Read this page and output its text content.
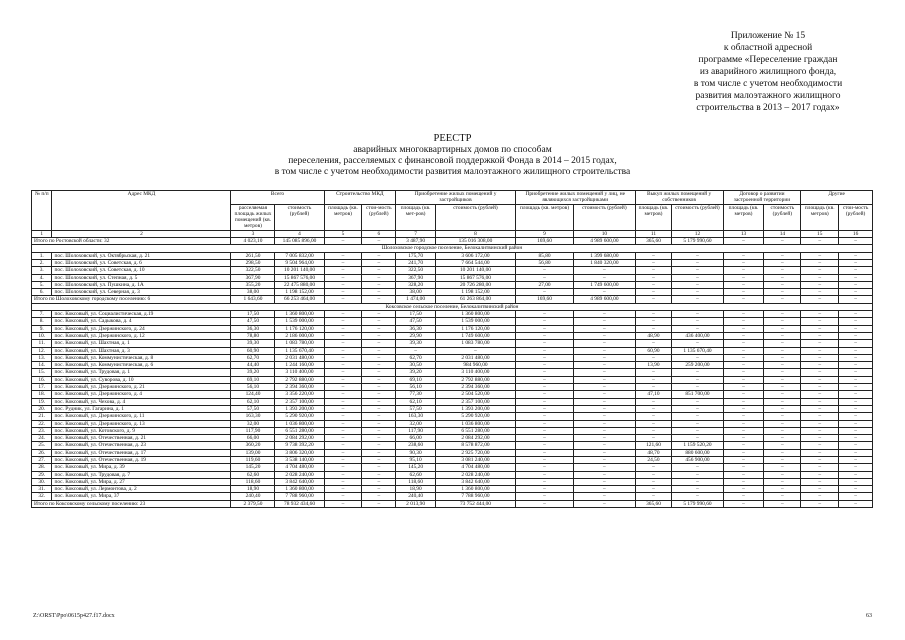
Приложение № 15
к областной адресной
программе «Переселение граждан
из аварийного жилищного фонда,
в том числе с учетом необходимости
развития малоэтажного жилищного
строительства в 2013 – 2017 годах»
РЕЕСТР
аварийных многоквартирных домов по способам
переселения, расселяемых с финансовой поддержкой Фонда в 2014 – 2015 годах,
в том числе с учетом необходимости развития малоэтажного жилищного строительства
№ п/п	Адрес МКД	Всего		Строительство МКД		Приобретение жилых помещений у застройщиков		Приобретение жилых помещений у лиц, не являющихся застройщиками		Выкуп жилых помещений у собственников		Договор о развитии застроенной территории		Другие	
		расселяемая площадь жилых помещений (кв. метров)	стоимость (рублей)	площадь (кв. метров)	стои-мость (рублей)	площадь (кв. мет-ров)	стоимость (рублей)	площадь (кв. метров)	стоимость (рублей)	площадь (кв. метров)	стоимость (рублей)	площадь (кв. метров)	стоимость (рублей)	площадь (кв. метров)	стои-мость (рублей)
1	2	3	4	5	6	7	8	9	10	11	12	13	14	15	16
Итого по Ростовской области: 32		4 023,10	145 085 896,00	–	–	3 487,90	135 016 308,00	169,60	4 989 600,00	365,60	5 179 990,60	–	–	–	–
Шолоховское городское поселение, Белокалитвинский район															
1.	пос. Шолоховский, ул. Октябрьская, д. 21	261,50	7 005 832,00	–	–	175,70	3 606 172,00	85,80	1 399 680,00	–	–	–	–	–	–
2.	пос. Шолоховский, ул. Советская, д. 6	298,50	9 504 964,00	–	–	241,70	7 664 544,00	56,80	1 840 320,00	–	–	–	–	–	–
3.	пос. Шолоховский, ул. Советская, д. 10	322,50	10 201 140,00	–	–	322,50	10 201 140,00	–	–	–	–	–	–	–	–
4.	пос. Шолоховский, ул. Степная, д. 5	367,90	15 867 576,00	–	–	367,90	15 867 576,00	–	–	–	–	–	–	–	–
5.	пос. Шолоховский, ул. Пушкина, д. 1А	355,20	22 475 880,00	–	–	328,20	20 726 280,00	27,00	1 749 600,00	–	–	–	–	–	–
6.	пос. Шолоховский, ул. Северная, д. 3	38,00	1 198 152,00	–	–	38,00	1 198 152,00	–	–	–	–	–	–	–	–
Итого по Шолоховскому городскому поселению: 6		1 643,60	66 253 464,00	–	–	1 474,00	61 263 864,00	169,60	4 989 600,00	–	–	–	–	–	–
Коксовское сельское поселение, Белокалитвинский район															
7.	пос. Коксовый, ул. Социалистическая, д.19	17,50	1 360 800,00	–	–	17,50	1 360 800,00	–	–	–	–	–	–	–	–
8.	пос. Коксовый, ул. Садыкова, д. 4	47,50	1 539 000,00	–	–	47,50	1 539 000,00	–	–	–	–	–	–	–	–
9.	пос. Коксовый, ул. Дзержинского, д. 24	36,30	1 176 120,00	–	–	36,30	1 176 120,00	–	–	–	–	–	–	–	–
10.	пос. Коксовый, ул. Дзержинского, д. 12	78,80	2 186 000,00	–	–	29,90	1 749 600,00	–	–	48,90	436 400,00	–	–	–	–
11.	пос. Коксовый, ул. Шахтная, д. 1	39,30	1 083 780,00	–	–	39,30	1 083 780,00	–	–	–	–	–	–	–	–
12.	пос. Коксовый, ул. Шахтная, д. 3	60,90	1 135 670,40	–	–	–	–	–	–	60,90	1 135 670,40	–	–	–	–
13.	пос. Коксовый, ул. Коммунистическая, д. 8	62,70	2 031 480,00	–	–	62,70	2 031 480,00	–	–	–	–	–	–	–	–
14.	пос. Коксовый, ул. Коммунистическая, д. 6	44,40	1 244 160,00	–	–	30,50	984 960,00	–	–	13,90	259 200,00	–	–	–	–
15.	пос. Коксовый, ул. Трудовая, д. 1	39,20	3 110 400,00	–	–	39,20	3 110 400,00	–	–	–	–	–	–	–	–
16.	пос. Коксовый, ул. Суворова, д. 10	69,10	2 792 880,00	–	–	69,10	2 792 880,00	–	–	–	–	–	–	–	–
17.	пос. Коксовый, ул. Дзержинского, д. 21	56,10	2 394 360,00	–	–	56,10	2 394 360,00	–	–	–	–	–	–	–	–
18.	пос. Коксовый, ул. Дзержинского, д. 4	124,40	3 356 220,00	–	–	77,30	2 504 520,00	–	–	47,10	851 700,00	–	–	–	–
19.	пос. Коксовый, ул. Чехова, д. 4	62,10	2 357 100,00	–	–	62,10	2 357 100,00	–	–	–	–	–	–	–	–
20.	пос. Рудник, ул. Гагарина, д. 1	57,50	1 393 200,00	–	–	57,50	1 393 200,00	–	–	–	–	–	–	–	–
21.	пос. Коксовый, ул. Дзержинского, д. 11	163,30	5 290 920,00	–	–	163,30	5 290 920,00	–	–	–	–	–	–	–	–
22.	пос. Коксовый, ул. Дзержинского, д. 13	32,00	1 036 800,00	–	–	32,00	1 036 800,00	–	–	–	–	–	–	–	–
23.	пос. Коксовый, ул. Котовского, д. 9	117,90	6 551 280,00	–	–	117,90	6 551 280,00	–	–	–	–	–	–	–	–
24.	пос. Коксовый, ул. Отечественная, д. 21	66,00	2 084 292,00	–	–	66,00	2 084 292,00	–	–	–	–	–	–	–	–
25.	пос. Коксовый, ул. Отечественная, д. 23	360,20	9 738 392,20	–	–	238,60	8 578 872,00	–	–	121,60	1 159 520,20	–	–	–	–
26.	пос. Коксовый, ул. Отечественная, д. 17	139,00	3 806 320,00	–	–	90,30	2 925 720,00	–	–	48,70	880 600,00	–	–	–	–
27.	пос. Коксовый, ул. Отечественная, д. 19	119,60	3 538 140,00	–	–	95,10	3 081 240,00	–	–	24,50	456 900,00	–	–	–	–
28.	пос. Коксовый, ул. Мира, д. 39	145,20	4 704 480,00	–	–	145,20	4 704 480,00	–	–	–	–	–	–	–	–
29.	пос. Коксовый, ул. Трудовая, д. 7	62,60	2 028 240,00	–	–	62,60	2 028 240,00	–	–	–	–	–	–	–	–
30.	пос. Коксовый, ул. Мира, д. 27	118,60	3 842 640,00	–	–	118,60	3 842 640,00	–	–	–	–	–	–	–	–
31.	пос. Коксовый, ул. Лермонтова, д. 2	18,90	1 360 800,00	–	–	18,90	1 360 800,00	–	–	–	–	–	–	–	–
32.	пос. Коксовый, ул. Мира, 37	240,40	7 788 960,00	–	–	240,40	7 788 960,00	–	–	–	–	–	–	–	–
Итого по Коксовскому сельскому поселению: 23		2 379,50	78 932 434,60	–	–	2 013,90	73 752 444,00	–	–	365,60	5 179 990,60	–	–	–	–
Z:\ORST\Ppo\0615p427.f17.docx	63
